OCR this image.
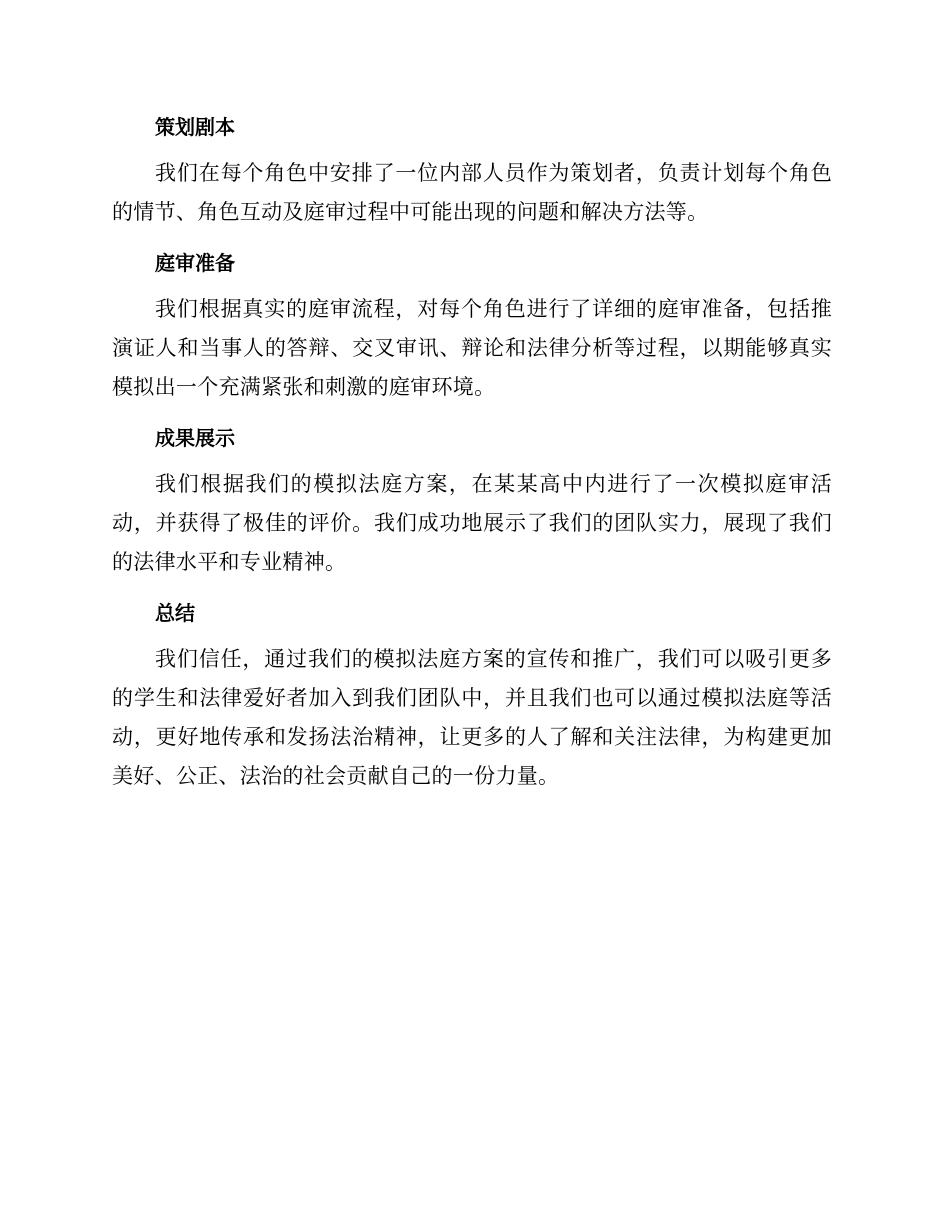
策划剧本

我们在每个角色中安排了一位内部人员作为策划者，负责计划每个角色的情节、角色互动及庭审过程中可能出现的问题和解决方法等。

庭审准备

我们根据真实的庭审流程，对每个角色进行了详细的庭审准备，包括推演证人和当事人的答辩、交叉审讯、辩论和法律分析等过程，以期能够真实模拟出一个充满紧张和刺激的庭审环境。

成果展示

我们根据我们的模拟法庭方案，在某某高中内进行了一次模拟庭审活动，并获得了极佳的评价。我们成功地展示了我们的团队实力，展现了我们的法律水平和专业精神。

总结

我们信任，通过我们的模拟法庭方案的宣传和推广，我们可以吸引更多的学生和法律爱好者加入到我们团队中，并且我们也可以通过模拟法庭等活动，更好地传承和发扬法治精神，让更多的人了解和关注法律，为构建更加美好、公正、法治的社会贡献自己的一份力量。
